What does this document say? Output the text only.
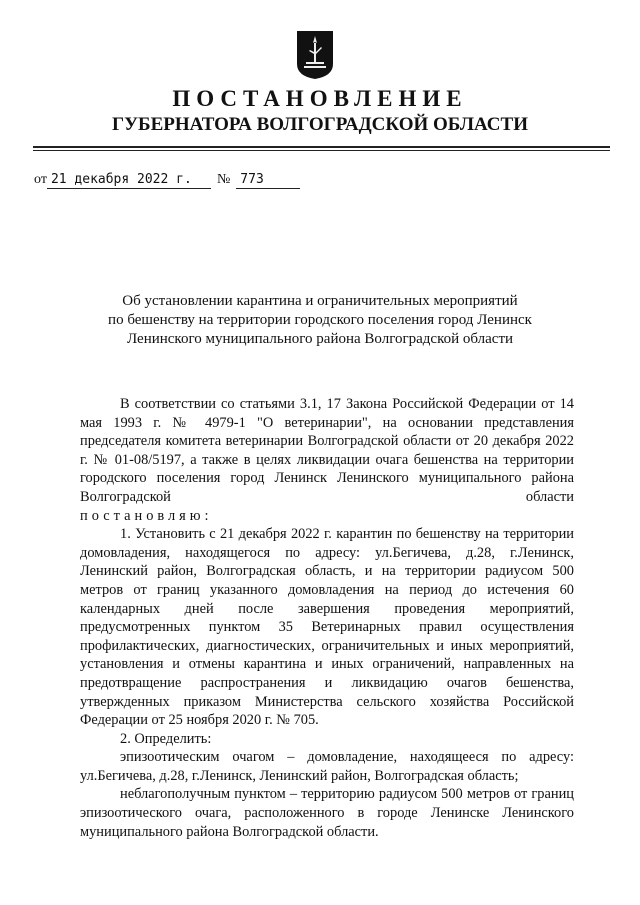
ПОСТАНОВЛЕНИЕ
ГУБЕРНАТОРА ВОЛГОГРАДСКОЙ ОБЛАСТИ
от 21 декабря 2022 г. № 773
Об установлении карантина и ограничительных мероприятий
по бешенству на территории городского поселения город Ленинск
Ленинского муниципального района Волгоградской области

В соответствии со статьями 3.1, 17 Закона Российской Федерации от 14 мая 1993 г. № 4979-1 "О ветеринарии", на основании представления председателя комитета ветеринарии Волгоградской области от 20 декабря 2022 г. № 01-08/5197, а также в целях ликвидации очага бешенства на территории городского поселения город Ленинск Ленинского муниципального района Волгоградской области

постановляю:

1. Установить с 21 декабря 2022 г. карантин по бешенству на территории домовладения, находящегося по адресу: ул.Бегичева, д.28, г.Ленинск, Ленинский район, Волгоградская область, и на территории радиусом 500 метров от границ указанного домовладения на период до истечения 60 календарных дней после завершения проведения мероприятий, предусмотренных пунктом 35 Ветеринарных правил осуществления профилактических, диагностических, ограничительных и иных мероприятий, установления и отмены карантина и иных ограничений, направленных на предотвращение распространения и ликвидацию очагов бешенства, утвержденных приказом Министерства сельского хозяйства Российской Федерации от 25 ноября 2020 г. № 705.

2. Определить:

эпизоотическим очагом – домовладение, находящееся по адресу: ул.Бегичева, д.28, г.Ленинск, Ленинский район, Волгоградская область;

неблагополучным пунктом – территорию радиусом 500 метров от границ эпизоотического очага, расположенного в городе Ленинске Ленинского муниципального района Волгоградской области.
